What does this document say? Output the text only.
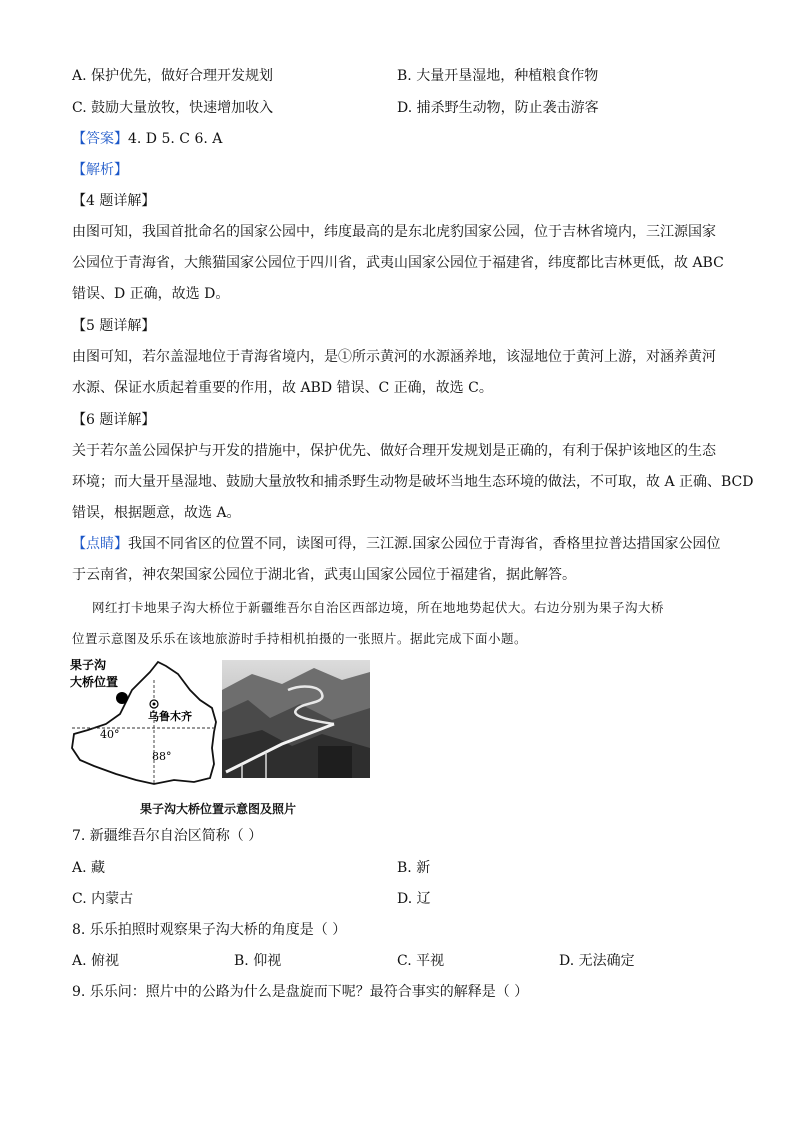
A. 保护优先，做好合理开发规划	B. 大量开垦湿地，种植粮食作物
C. 鼓励大量放牧，快速增加收入	D. 捕杀野生动物，防止袭击游客
【答案】4. D 5. C 6. A
【解析】
【4 题详解】
由图可知，我国首批命名的国家公园中，纬度最高的是东北虎豹国家公园，位于吉林省境内，三江源国家
公园位于青海省，大熊猫国家公园位于四川省，武夷山国家公园位于福建省，纬度都比吉林更低，故 ABC
错误、D 正确，故选 D。
【5 题详解】
由图可知，若尔盖湿地位于青海省境内，是①所示黄河的水源涵养地，该湿地位于黄河上游，对涵养黄河
水源、保证水质起着重要的作用，故 ABD 错误、C 正确，故选 C。
【6 题详解】
关于若尔盖公园保护与开发的措施中，保护优先、做好合理开发规划是正确的，有利于保护该地区的生态
环境；而大量开垦湿地、鼓励大量放牧和捕杀野生动物是破坏当地生态环境的做法，不可取，故 A 正确、BCD
错误，根据题意，故选 A。
【点睛】我国不同省区的位置不同，读图可得，三江源.国家公园位于青海省，香格里拉普达措国家公园位
于云南省，神农架国家公园位于湖北省，武夷山国家公园位于福建省，据此解答。
网红打卡地果子沟大桥位于新疆维吾尔自治区西部边境，所在地地势起伏大。右边分别为果子沟大桥
位置示意图及乐乐在该地旅游时手持相机拍摄的一张照片。据此完成下面小题。
果子沟
大桥位置
乌鲁木齐
40°
88°
果子沟大桥位置示意图及照片
7. 新疆维吾尔自治区简称（ ）
A. 藏	B. 新
C. 内蒙古	D. 辽
8. 乐乐拍照时观察果子沟大桥的角度是（ ）
A. 俯视	B. 仰视	C. 平视	D. 无法确定
9. 乐乐问：照片中的公路为什么是盘旋而下呢？最符合事实的解释是（ ）
